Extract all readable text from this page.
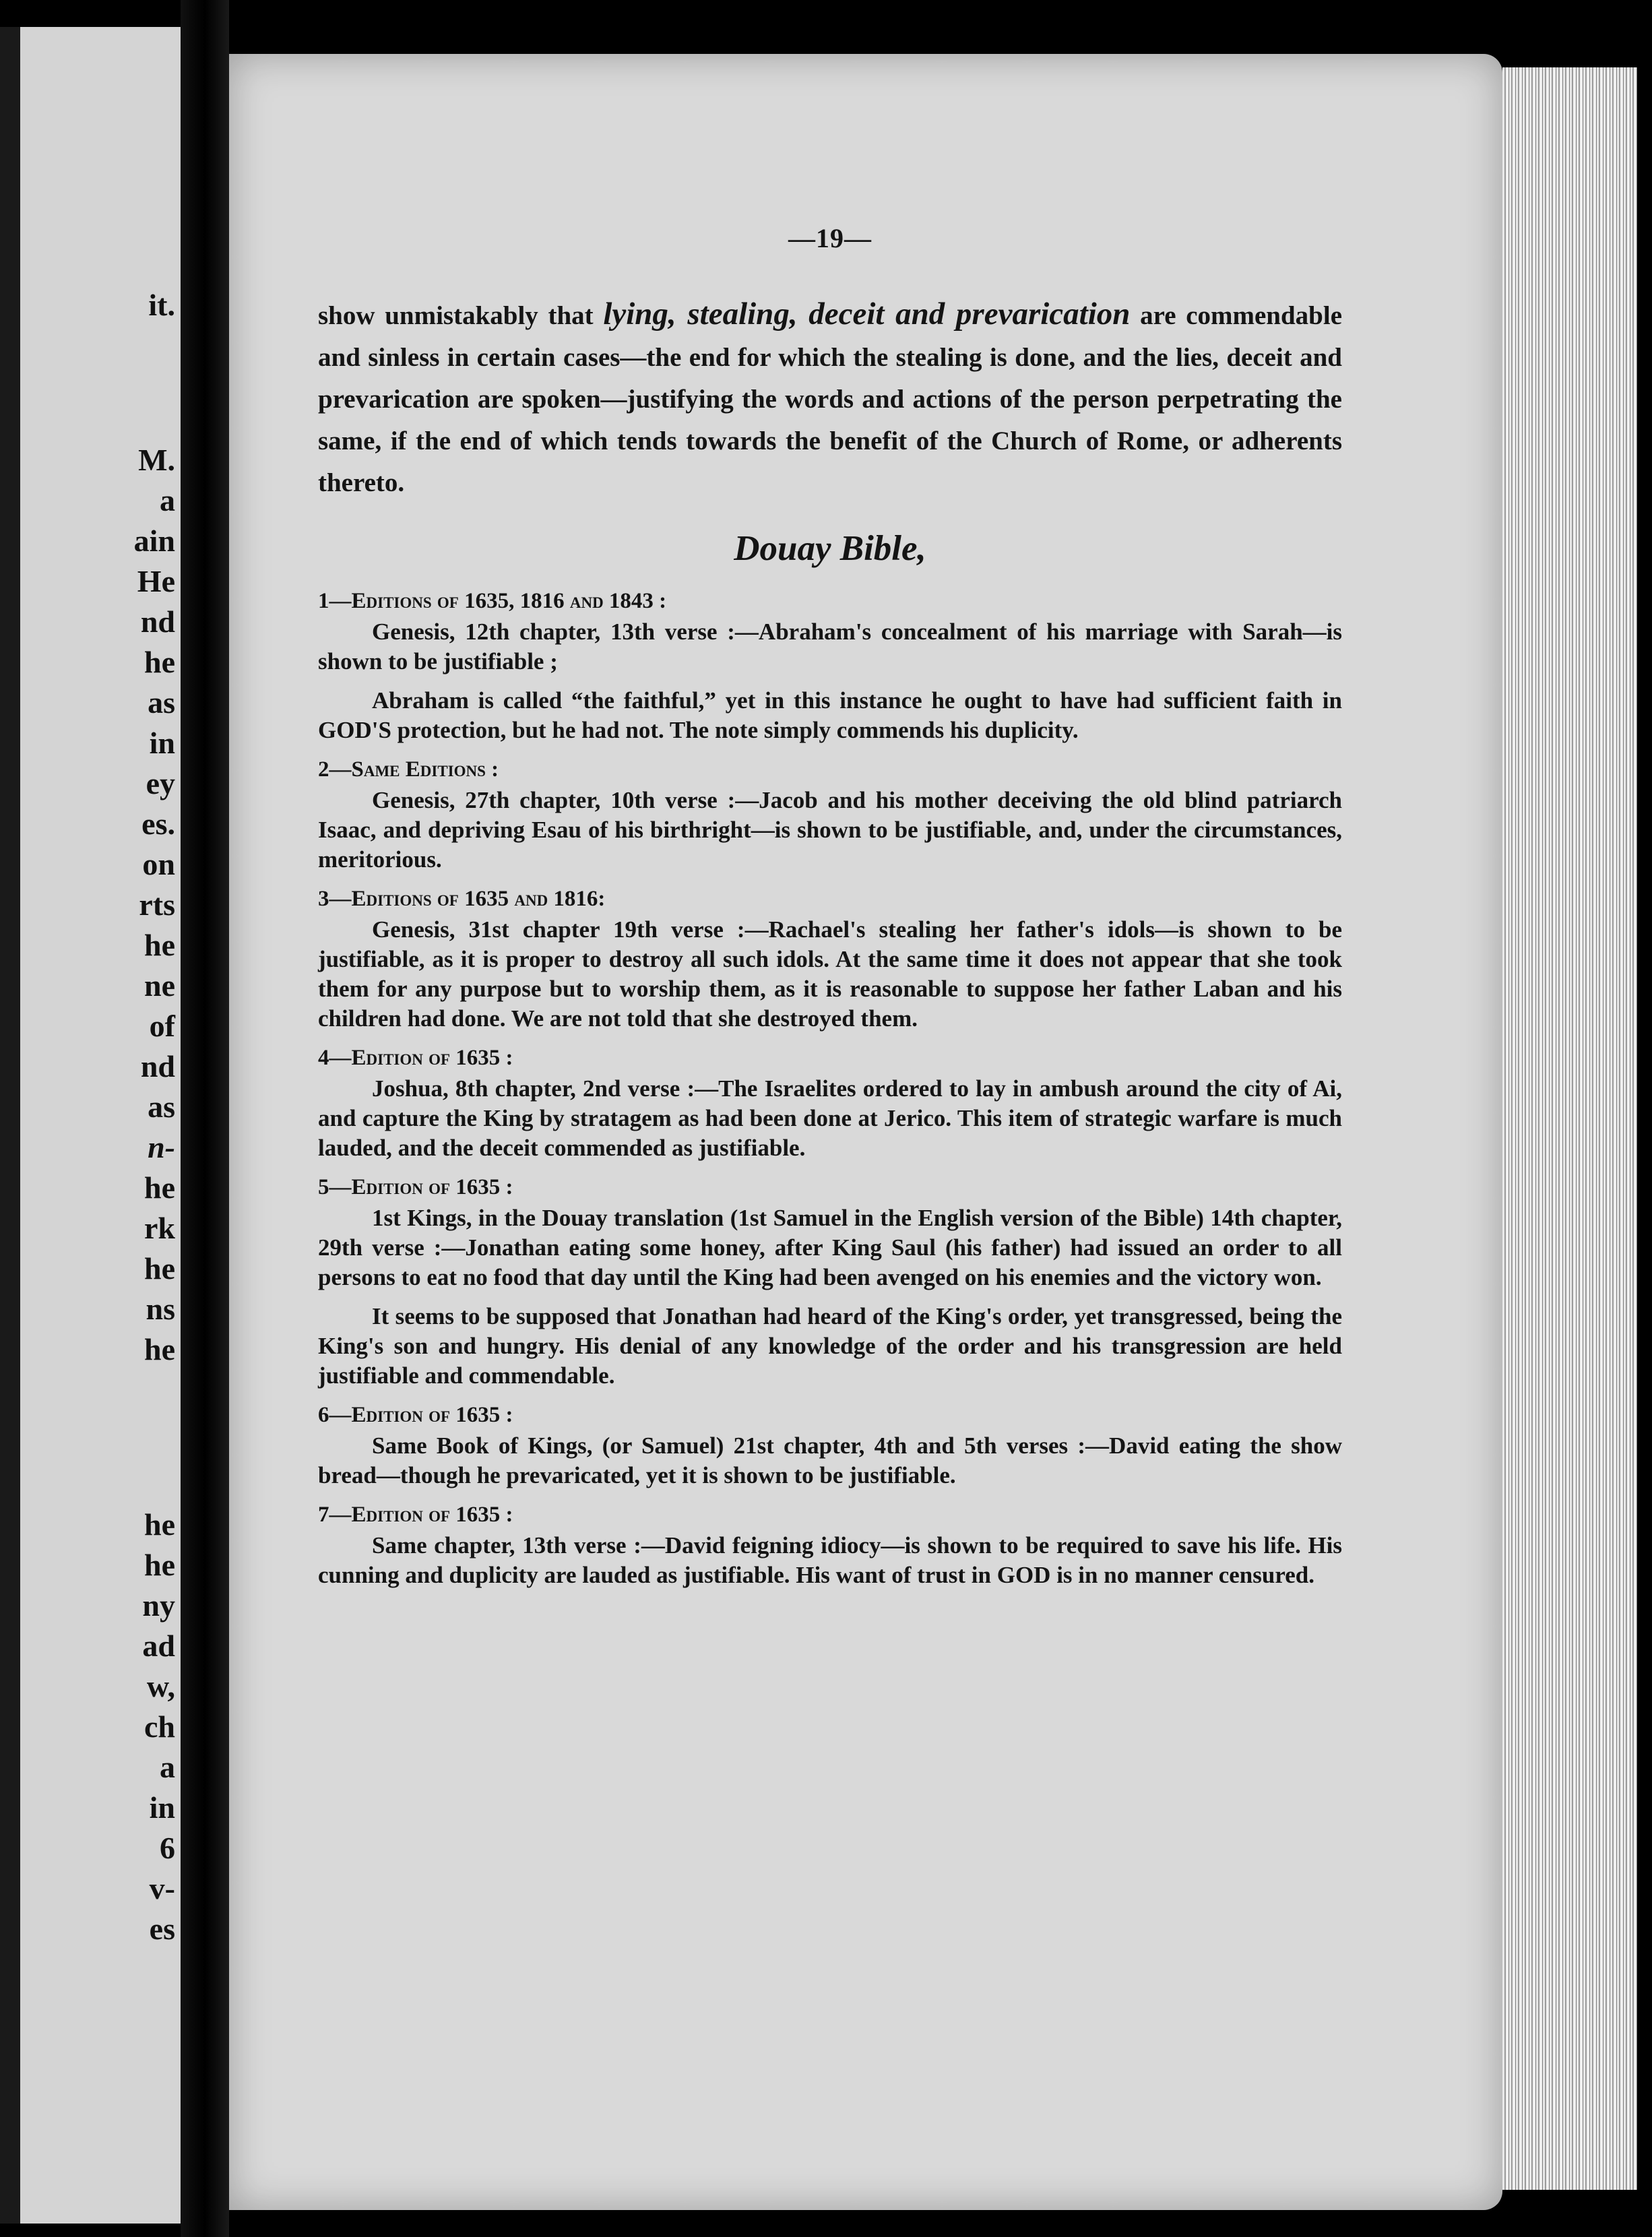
it.
M.
a
ain
He
nd
he
as
in
ey
es.
on
rts
he
ne
of
nd
as
n-
he
rk
he
ns
he
he
he
ny
ad
w,
ch
a
in
6
v-
es
—19—

show unmistakably that lying, stealing, deceit and prevarication are commendable and sinless in certain cases—the end for which the stealing is done, and the lies, deceit and prevarication are spoken—justifying the words and actions of the person perpetrating the same, if the end of which tends towards the benefit of the Church of Rome, or adherents thereto.

Douay Bible,
1—Editions of 1635, 1816 and 1843 :

Genesis, 12th chapter, 13th verse :—Abraham's concealment of his marriage with Sarah—is shown to be justifiable ;

Abraham is called “the faithful,” yet in this instance he ought to have had sufficient faith in GOD'S protection, but he had not. The note simply commends his duplicity.

2—Same Editions :

Genesis, 27th chapter, 10th verse :—Jacob and his mother deceiving the old blind patriarch Isaac, and depriving Esau of his birthright—is shown to be justifiable, and, under the circumstances, meritorious.

3—Editions of 1635 and 1816:

Genesis, 31st chapter 19th verse :—Rachael's stealing her father's idols—is shown to be justifiable, as it is proper to destroy all such idols. At the same time it does not appear that she took them for any purpose but to worship them, as it is reasonable to suppose her father Laban and his children had done. We are not told that she destroyed them.

4—Edition of 1635 :

Joshua, 8th chapter, 2nd verse :—The Israelites ordered to lay in ambush around the city of Ai, and capture the King by stratagem as had been done at Jerico. This item of strategic warfare is much lauded, and the deceit commended as justifiable.

5—Edition of 1635 :

1st Kings, in the Douay translation (1st Samuel in the English version of the Bible) 14th chapter, 29th verse :—Jonathan eating some honey, after King Saul (his father) had issued an order to all persons to eat no food that day until the King had been avenged on his enemies and the victory won.

It seems to be supposed that Jonathan had heard of the King's order, yet transgressed, being the King's son and hungry. His denial of any knowledge of the order and his transgression are held justifiable and commendable.

6—Edition of 1635 :

Same Book of Kings, (or Samuel) 21st chapter, 4th and 5th verses :—David eating the show bread—though he prevaricated, yet it is shown to be justifiable.

7—Edition of 1635 :

Same chapter, 13th verse :—David feigning idiocy—is shown to be required to save his life. His cunning and duplicity are lauded as justifiable. His want of trust in GOD is in no manner censured.
